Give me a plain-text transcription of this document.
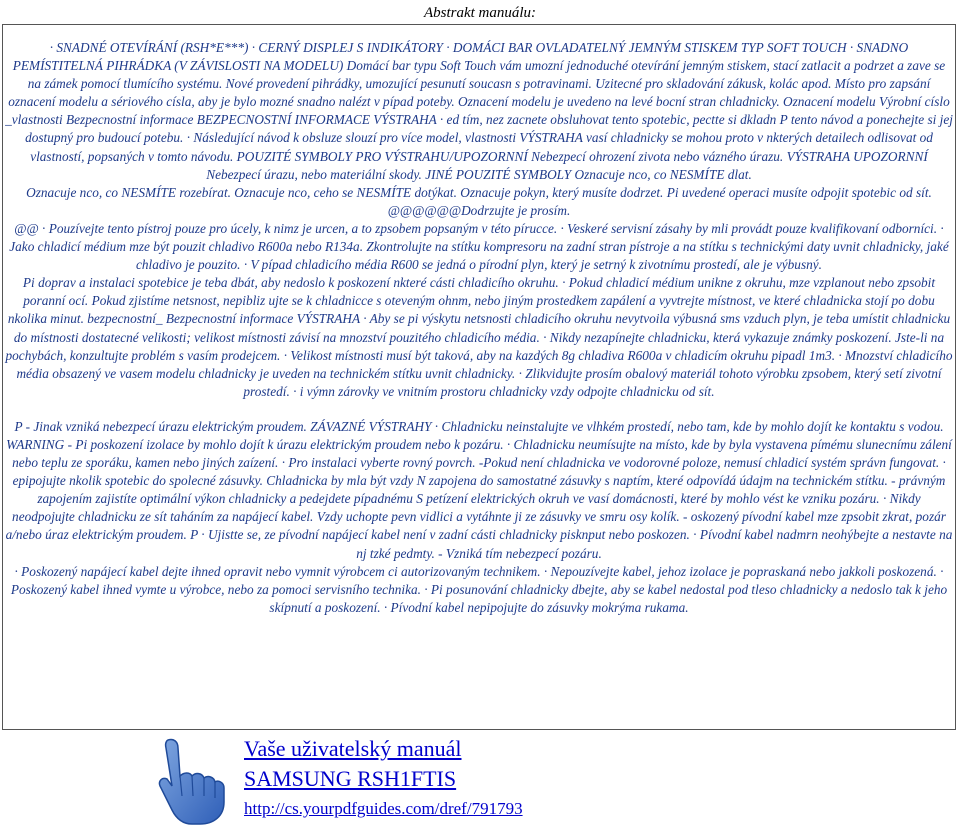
Abstrakt manuálu:

· SNADNÉ OTEVÍRÁNÍ (RSH*E***) · CERNÝ DISPLEJ S INDIKÁTORY · DOMÁCI BAR OVLADATELNÝ JEMNÝM STISKEM TYP SOFT TOUCH · SNADNO PEMÍSTITELNÁ PIHRÁDKA (V ZÁVISLOSTI NA MODELU) Domácí bar typu Soft Touch vám umozní jednoduché otevírání jemným stiskem, stací zatlacit a podrzet a zave se na zámek pomocí tlumícího systému. Nové provedení pihrádky, umozující pesunutí soucasn s potravinami. Uzitecné pro skladování zákusk, kolác apod. Místo pro zapsání oznacení modelu a sériového císla, aby je bylo mozné snadno nalézt v pípad poteby. Oznacení modelu je uvedeno na levé bocní stran chladnicky. Oznacení modelu Výrobní císlo _vlastnosti Bezpecnostní informace BEZPECNOSTNÍ INFORMACE VÝSTRAHA · ed tím, nez zacnete obsluhovat tento spotebic, pectte si dkladn P tento návod a ponechejte si jej dostupný pro budoucí potebu. · Následující návod k obsluze slouzí pro více model, vlastnosti VÝSTRAHA vasí chladnicky se mohou proto v nkterých detailech odlisovat od vlastností, popsaných v tomto návodu. POUZITÉ SYMBOLY PRO VÝSTRAHU/UPOZORNNÍ Nebezpecí ohrození zivota nebo vázného úrazu. VÝSTRAHA UPOZORNNÍ Nebezpecí úrazu, nebo materiální skody. JINÉ POUZITÉ SYMBOLY Oznacuje nco, co NESMÍTE dlat.

Oznacuje nco, co NESMÍTE rozebírat. Oznacuje nco, ceho se NESMÍTE dotýkat. Oznacuje pokyn, který musíte dodrzet. Pi uvedené operaci musíte odpojit spotebic od sít. @@@@@@Dodrzujte je prosím.

@@ · Pouzívejte tento pístroj pouze pro úcely, k nimz je urcen, a to zpsobem popsaným v této pírucce. · Veskeré servisní zásahy by mli provádt pouze kvalifikovaní odborníci. · Jako chladicí médium mze být pouzit chladivo R600a nebo R134a. Zkontrolujte na stítku kompresoru na zadní stran pístroje a na stítku s technickými daty uvnit chladnicky, jaké chladivo je pouzito. · V pípad chladicího média R600 se jedná o pírodní plyn, který je setrný k zivotnímu prostedí, ale je výbusný.

Pi doprav a instalaci spotebice je teba dbát, aby nedoslo k poskození nkteré cásti chladicího okruhu. · Pokud chladicí médium unikne z okruhu, mze vzplanout nebo zpsobit poranní ocí. Pokud zjistíme netsnost, nepibliz ujte se k chladnicce s oteveným ohnm, nebo jiným prostedkem zapálení a vyvtrejte místnost, ve které chladnicka stojí po dobu nkolika minut. bezpecnostní_ Bezpecnostní informace VÝSTRAHA · Aby se pi výskytu netsnosti chladicího okruhu nevytvoila výbusná sms vzduch plyn, je teba umístit chladnicku do místnosti dostatecné velikosti; velikost místnosti závisí na mnozství pouzitého chladicího média. · Nikdy nezapínejte chladnicku, která vykazuje známky poskození. Jste-li na pochybách, konzultujte problém s vasím prodejcem. · Velikost místnosti musí být taková, aby na kazdých 8g chladiva R600a v chladicím okruhu pipadl 1m3. · Mnozství chladicího média obsazený ve vasem modelu chladnicky je uveden na technickém stítku uvnit chladnicky. · Zlikvidujte prosím obalový materiál tohoto výrobku zpsobem, který setí zivotní prostedí. · i výmn zárovky ve vnitním prostoru chladnicky vzdy odpojte chladnicku od sít.

P - Jinak vzniká nebezpecí úrazu elektrickým proudem. ZÁVAZNÉ VÝSTRAHY · Chladnicku neinstalujte ve vlhkém prostedí, nebo tam, kde by mohlo dojít ke kontaktu s vodou. WARNING - Pi poskození izolace by mohlo dojít k úrazu elektrickým proudem nebo k pozáru. · Chladnicku neumísujte na místo, kde by byla vystavena pímému slunecnímu zálení nebo teplu ze sporáku, kamen nebo jiných zaízení. · Pro instalaci vyberte rovný povrch. -Pokud není chladnicka ve vodorovné poloze, nemusí chladicí systém správn fungovat. · epipojujte nkolik spotebic do spolecné zásuvky. Chladnicka by mla být vzdy N zapojena do samostatné zásuvky s naptím, které odpovídá údajm na technickém stítku. - právným zapojením zajistíte optimální výkon chladnicky a pedejdete pípadnému S petízení elektrických okruh ve vasí domácnosti, které by mohlo vést ke vzniku pozáru. · Nikdy neodpojujte chladnicku ze sít taháním za napájecí kabel. Vzdy uchopte pevn vidlici a vytáhnte ji ze zásuvky ve smru osy kolík. - oskozený pívodní kabel mze zpsobit zkrat, pozár a/nebo úraz elektrickým proudem. P · Ujistte se, ze pívodní napájecí kabel není v zadní cásti chladnicky pisknput nebo poskozen. · Pívodní kabel nadmrn neohýbejte a nestavte na nj tzké pedmty. - Vzniká tím nebezpecí pozáru.

· Poskozený napájecí kabel dejte ihned opravit nebo vymnit výrobcem ci autorizovaným technikem. · Nepouzívejte kabel, jehoz izolace je popraskaná nebo jakkoli poskozená. · Poskozený kabel ihned vymte u výrobce, nebo za pomoci servisního technika. · Pi posunování chladnicky dbejte, aby se kabel nedostal pod tleso chladnicky a nedoslo tak k jeho skípnutí a poskození. · Pívodní kabel nepipojujte do zásuvky mokrýma rukama.

Vaše uživatelský manuál
SAMSUNG RSH1FTIS
http://cs.yourpdfguides.com/dref/791793
